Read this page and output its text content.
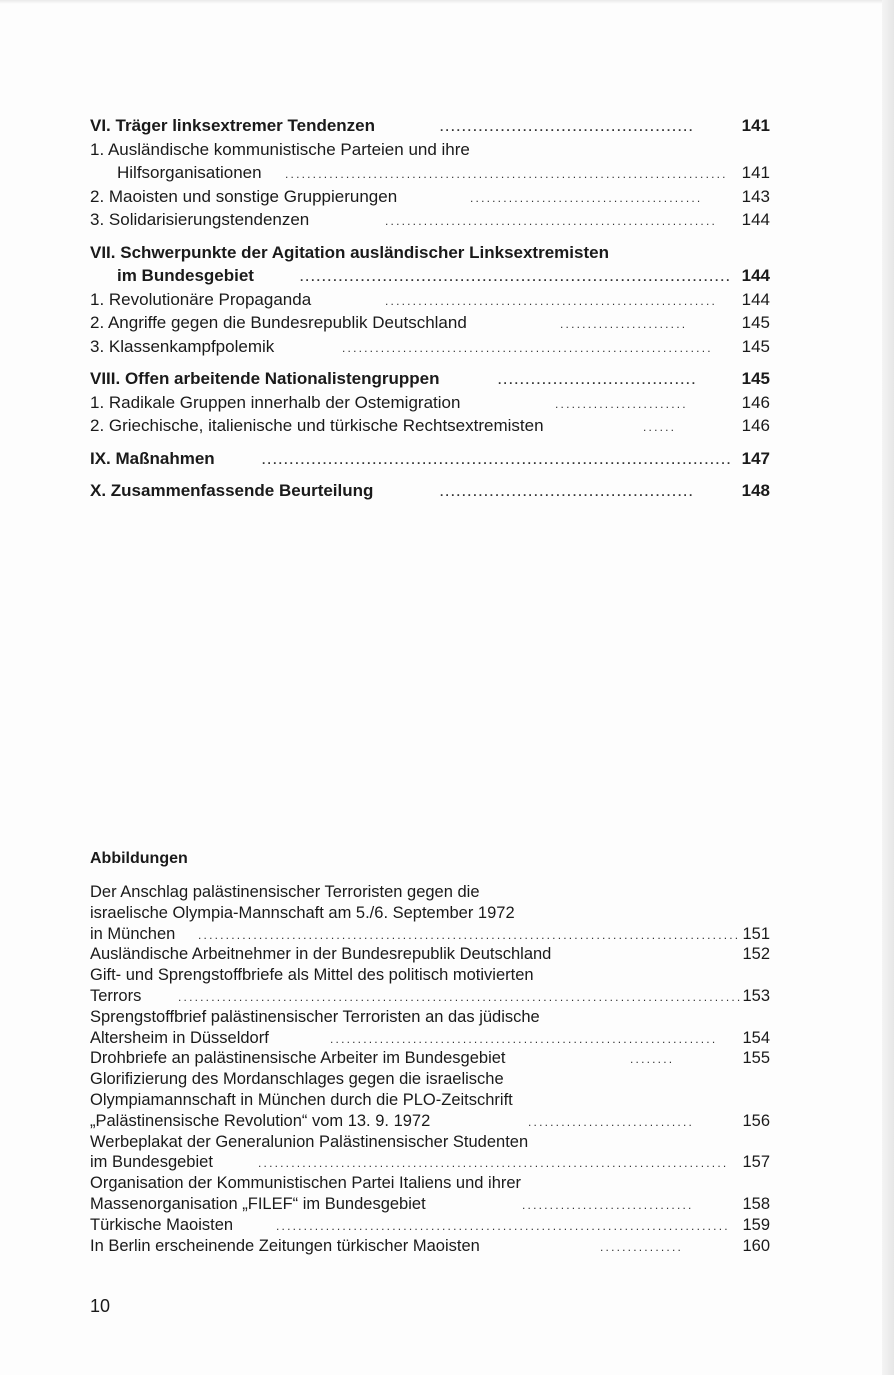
VI. Träger linksextremer Tendenzen	..............................................	141
1. Ausländische kommunistische Parteien und ihre
Hilfsorganisationen ................................................................................ 141
2. Maoisten und sonstige Gruppierungen	..........................................	143
3. Solidarisierungstendenzen	............................................................	144
VII. Schwerpunkte der Agitation ausländischer Linksextremisten
im Bundesgebiet	.............................................................................. 144
1. Revolutionäre Propaganda	............................................................	144
2. Angriffe gegen die Bundesrepublik Deutschland	.......................	145
3. Klassenkampfpolemik	...................................................................	145
VIII. Offen arbeitende Nationalistengruppen	....................................	145
1. Radikale Gruppen innerhalb der Ostemigration	........................	146
2. Griechische, italienische und türkische Rechtsextremisten	......	146
IX. Maßnahmen	..................................................................................... 147
X. Zusammenfassende Beurteilung	..............................................	148
Abbildungen
Der Anschlag palästinensischer Terroristen gegen die
israelische Olympia-Mannschaft am 5./6. September 1972
in München .................................................................................................. 151
Ausländische Arbeitnehmer in der Bundesrepublik Deutschland	152
Gift- und Sprengstoffbriefe als Mittel des politisch motivierten
Terrors	...................................................................................................... 153
Sprengstoffbrief palästinensischer Terroristen an das jüdische
Altersheim in Düsseldorf	......................................................................	154
Drohbriefe an palästinensische Arbeiter im Bundesgebiet	........	155
Glorifizierung des Mordanschlages gegen die israelische
Olympiamannschaft in München durch die PLO-Zeitschrift
„Palästinensische Revolution“ vom 13. 9. 1972	..............................	156
Werbeplakat der Generalunion Palästinensischer Studenten
im Bundesgebiet	..................................................................................... 157
Organisation der Kommunistischen Partei Italiens und ihrer
Massenorganisation „FILEF“ im Bundesgebiet	...............................	158
Türkische Maoisten	.................................................................................. 159
In Berlin erscheinende Zeitungen türkischer Maoisten	...............	160
10
